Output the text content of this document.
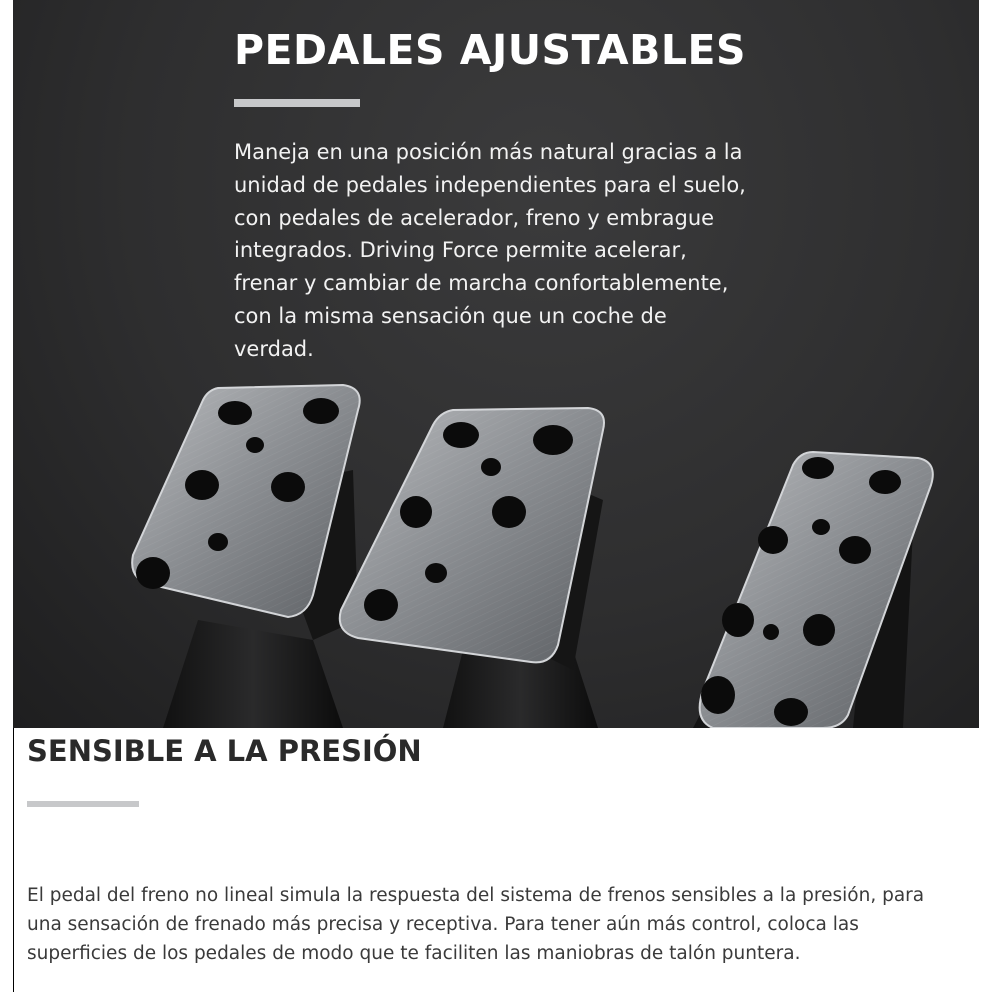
PEDALES AJUSTABLES

Maneja en una posición más natural gracias a la
unidad de pedales independientes para el suelo,
con pedales de acelerador, freno y embrague
integrados. Driving Force permite acelerar,
frenar y cambiar de marcha confortablemente,
con la misma sensación que un coche de
verdad.

SENSIBLE A LA PRESIÓN

El pedal del freno no lineal simula la respuesta del sistema de frenos sensibles a la presión, para
una sensación de frenado más precisa y receptiva. Para tener aún más control, coloca las
superficies de los pedales de modo que te faciliten las maniobras de talón puntera.
